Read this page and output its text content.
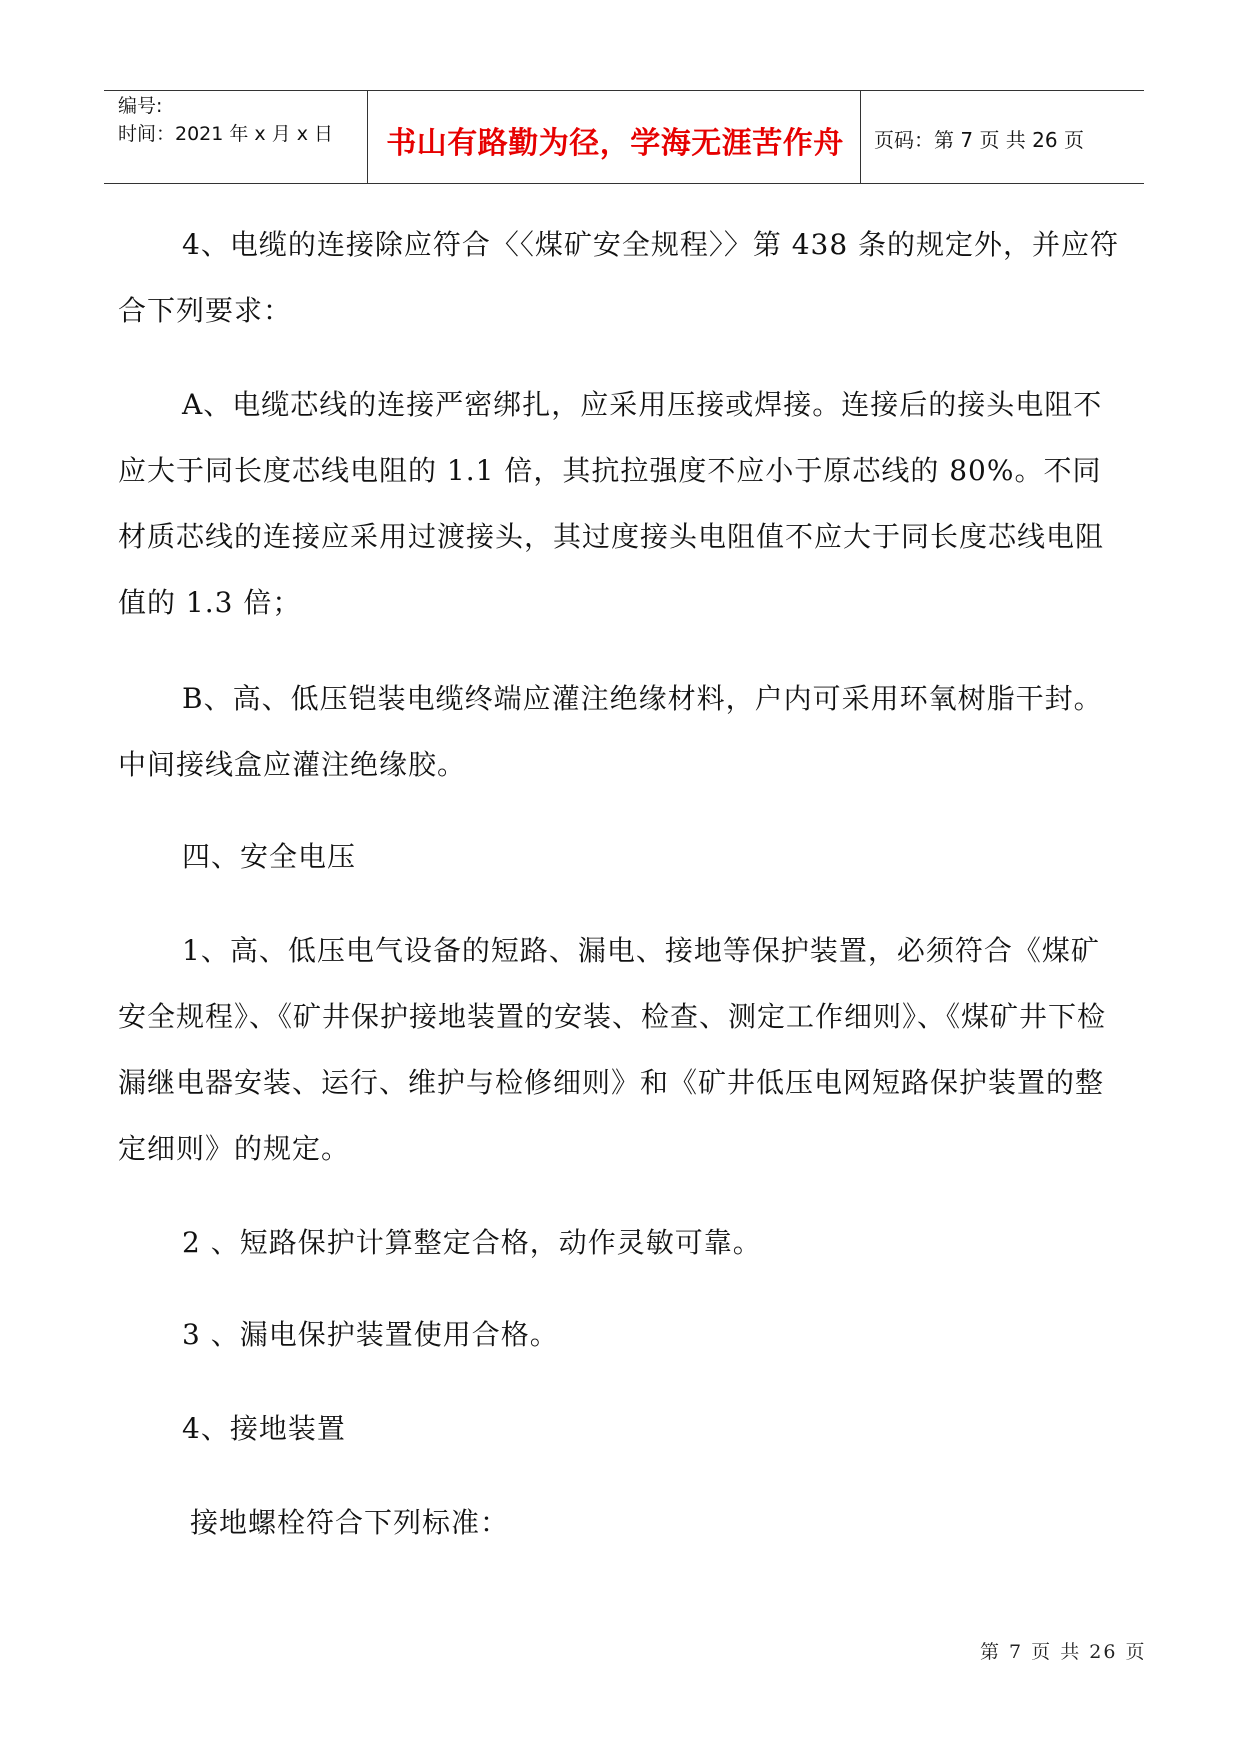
编号:
时间：2021 年 x 月 x 日	书山有路勤为径，学海无涯苦作舟	页码：第 7 页 共 26 页

4、电缆的连接除应符合〈〈煤矿安全规程〉〉第 438 条的规定外，并应符合下列要求：

A、电缆芯线的连接严密绑扎，应采用压接或焊接。连接后的接头电阻不应大于同长度芯线电阻的 1.1 倍，其抗拉强度不应小于原芯线的 80%。不同材质芯线的连接应采用过渡接头，其过度接头电阻值不应大于同长度芯线电阻值的 1.3 倍；

B、高、低压铠装电缆终端应灌注绝缘材料，户内可采用环氧树脂干封。中间接线盒应灌注绝缘胶。

四、安全电压

1、高、低压电气设备的短路、漏电、接地等保护装置，必须符合《煤矿安全规程》、《矿井保护接地装置的安装、检查、测定工作细则》、《煤矿井下检漏继电器安装、运行、维护与检修细则》和《矿井低压电网短路保护装置的整定细则》的规定。

2 、短路保护计算整定合格，动作灵敏可靠。

3 、漏电保护装置使用合格。

4、接地装置

接地螺栓符合下列标准：

第 7 页 共 26 页
